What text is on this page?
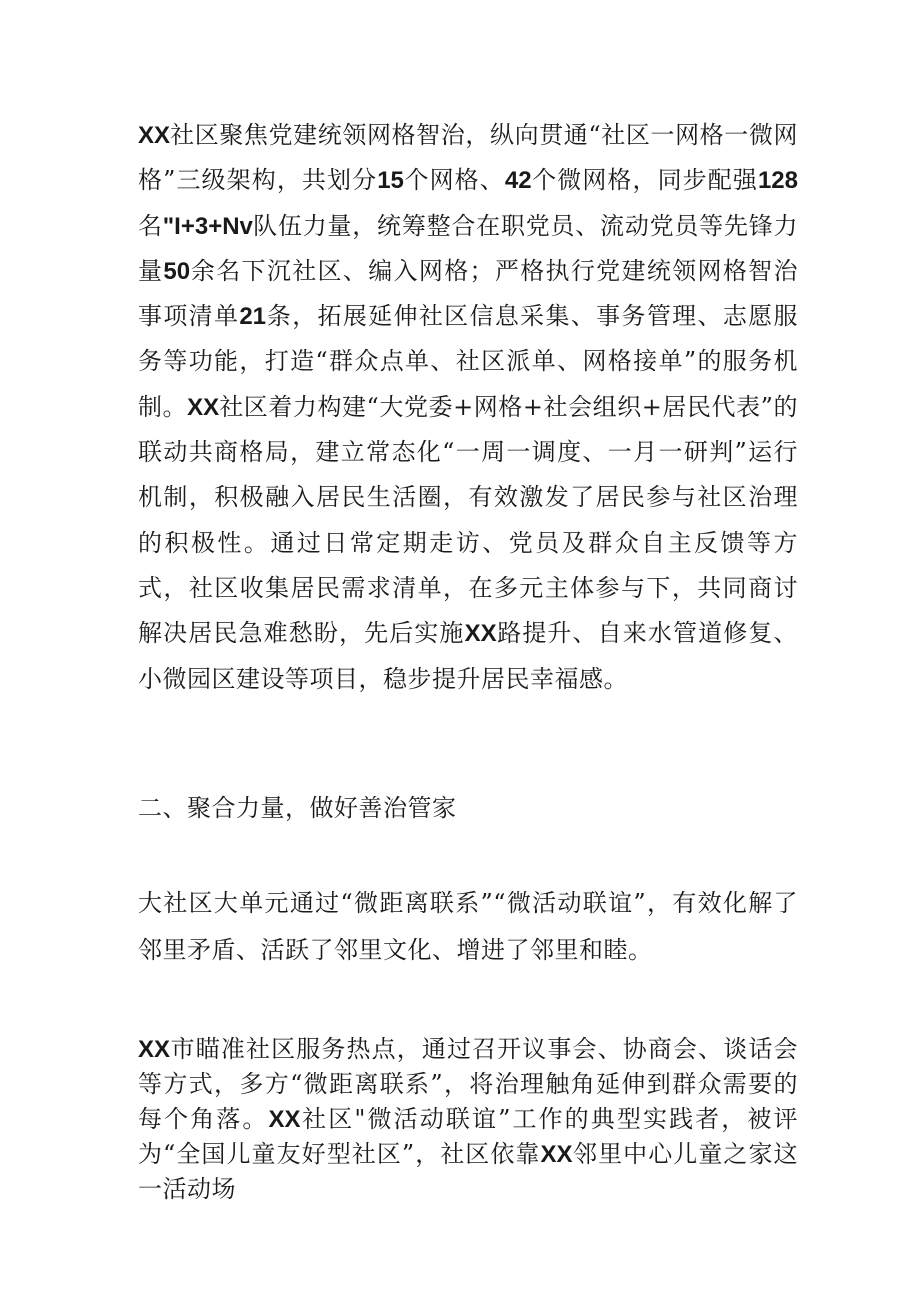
XX社区聚焦党建统领网格智治，纵向贯通“社区一网格一微网格”三级架构，共划分15个网格、42个微网格，同步配强128名"I+3+Nv队伍力量，统筹整合在职党员、流动党员等先锋力量50余名下沉社区、编入网格；严格执行党建统领网格智治事项清单21条，拓展延伸社区信息采集、事务管理、志愿服务等功能，打造“群众点单、社区派单、网格接单”的服务机制。XX社区着力构建“大党委+网格+社会组织+居民代表”的联动共商格局，建立常态化“一周一调度、一月一研判”运行机制，积极融入居民生活圈，有效激发了居民参与社区治理的积极性。通过日常定期走访、党员及群众自主反馈等方式，社区收集居民需求清单，在多元主体参与下，共同商讨解决居民急难愁盼，先后实施XX路提升、自来水管道修复、小微园区建设等项目，稳步提升居民幸福感。

二、聚合力量，做好善治管家

大社区大单元通过“微距离联系”“微活动联谊”，有效化解了邻里矛盾、活跃了邻里文化、增进了邻里和睦。

XX市瞄准社区服务热点，通过召开议事会、协商会、谈话会等方式，多方“微距离联系”，将治理触角延伸到群众需要的每个角落。XX社区"微活动联谊”工作的典型实践者，被评为“全国儿童友好型社区”，社区依靠XX邻里中心儿童之家这一活动场
